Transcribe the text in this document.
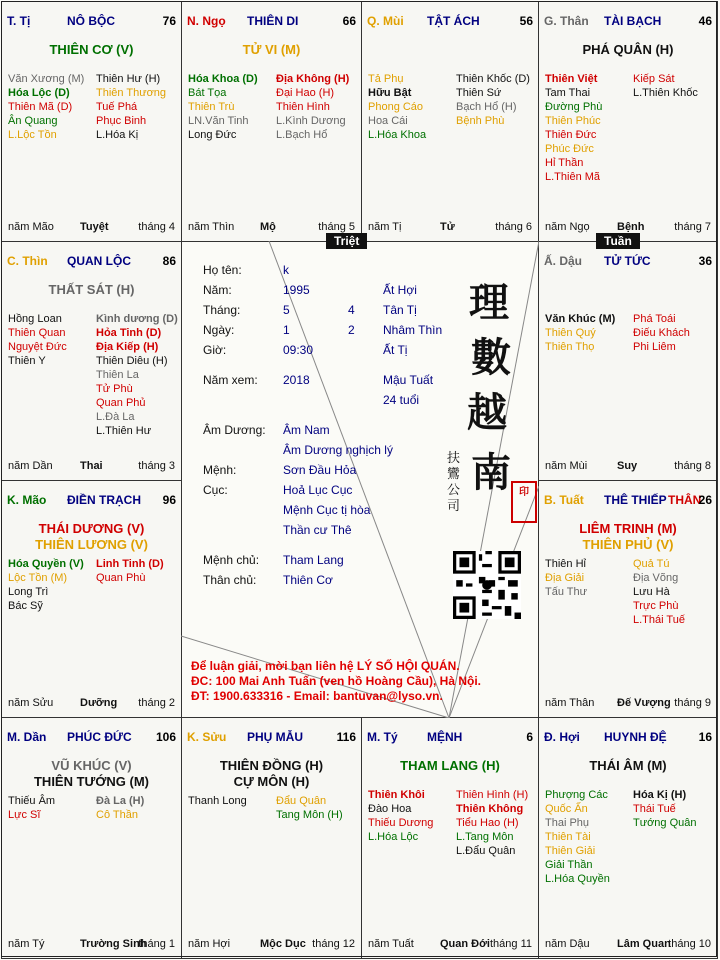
T. Tị	NÔ BỘC	76
THIÊN CƠ (V)
Văn Xương (M)
Hóa Lộc (D)
Thiên Mã (D)
Ân Quang
L.Lộc Tồn
Thiên Hư (H)
Thiên Thương
Tuế Phá
Phục Binh
L.Hóa Kị
năm Mão Tuyệt	tháng 4
N. Ngọ THIÊN DI	66
TỬ VI (M)
Hóa Khoa (D)
Bát Tọa
Thiên Trù
LN.Văn Tinh
Long Đức
Địa Không (H)
Đại Hao (H)
Thiên Hình
L.Kình Dương
L.Bạch Hổ
năm Thìn Mộ	tháng 5
Q. Mùi TẬT ÁCH	56
Tả Phụ
Hữu Bật
Phong Cáo
Hoa Cái
L.Hóa Khoa
Thiên Khốc (D)
Thiên Sứ
Bạch Hổ (H)
Bệnh Phù
năm Tị	Tử	tháng 6
G. Thân TÀI BẠCH	46
PHÁ QUÂN (H)
Thiên Việt
Tam Thai
Đường Phù
Thiên Phúc
Thiên Đức
Phúc Đức
Hỉ Thần
L.Thiên Mã
Kiếp Sát
L.Thiên Khốc
năm Ngọ Bệnh	tháng 7
C. Thìn QUAN LỘC	86
THẤT SÁT (H)
Hồng Loan
Thiên Quan
Nguyệt Đức
Thiên Y
Kình dương (D)
Hỏa Tinh (D)
Địa Kiếp (H)
Thiên Diêu (H)
Thiên La
Tử Phù
Quan Phủ
L.Đà La
L.Thiên Hư
năm Dần Thai	tháng 3
Ấ. Dậu TỬ TỨC	36
Văn Khúc (M)
Thiên Quý
Thiên Thọ
Phá Toái
Điếu Khách
Phi Liêm
năm Mùi	Suy	tháng 8
K. Mão ĐIỀN TRẠCH 96
THÁI DƯƠNG (V)
THIÊN LƯƠNG (V)
Hóa Quyền (V)
Lộc Tồn (M)
Long Trì
Bác Sỹ
Linh Tinh (D)
Quan Phù
năm Sửu Dưỡng tháng 2
B. Tuất THÊ THIẾP THÂN
26
LIÊM TRINH (M)
THIÊN PHỦ (V)
Thiên Hỉ
Địa Giải
Tấu Thư
Quả Tú
Địa Võng
Lưu Hà
Trực Phù
L.Thái Tuế
năm Thân Đế Vượng tháng 9
M. Dần PHÚC ĐỨC 106
VŨ KHÚC (V)
THIÊN TƯỚNG (M)
Thiếu Âm
Lực Sĩ
Đà La (H)
Cô Thần
năm Tý	Trường Sinh
tháng 1
K. Sửu PHỤ MẪU	116
THIÊN ĐỒNG (H)
CỰ MÔN (H)
Thanh Long	Đẩu Quân
Tang Môn (H)
năm Hợi	Mộc Dục tháng 12
M. Tý MỆNH	6
THAM LANG (H)
Thiên Khôi
Đào Hoa
Thiếu Dương
L.Hóa Lộc
Thiên Hình (H)
Thiên Không
Tiểu Hao (H)
L.Tang Môn
L.Đẩu Quân
năm Tuất Quan Đới tháng 11
Đ. Hợi HUYNH ĐỆ	16
THÁI ÂM (M)
Phượng Các
Quốc Ấn
Thai Phụ
Thiên Tài
Thiên Giải
Giải Thần
L.Hóa Quyền
Hóa Kị (H)
Thái Tuế
Tướng Quân
năm Dậu Lâm Quan
tháng 10
Họ tên:	k
Năm:	1995	Ất Hợi
Tháng:	5	4 Tân Tị
Ngày:	1	2 Nhâm Thìn
Giờ:	09:30	Ất Tị
Năm xem: 2018	Mậu Tuất
24 tuổi
Âm Dương: Âm Nam
Âm Dương nghịch lý
Mệnh:	Sơn Đầu Hỏa
Cục:	Hoả Lục Cục
Mệnh Cục tị hòa
Thần cư Thê
Mệnh chủ: Tham Lang
Thân chủ: Thiên Cơ
理
數
越
南
扶
鸞
公
司
印
Để luận giải, mời bạn liên hệ LÝ SỐ HỘI QUÁN.
ĐC: 100 Mai Anh Tuấn (ven hồ Hoàng Cầu), Hà Nội.
ĐT: 1900.633316 - Email: bantuvan@lyso.vn.
Triệt	Tuần
